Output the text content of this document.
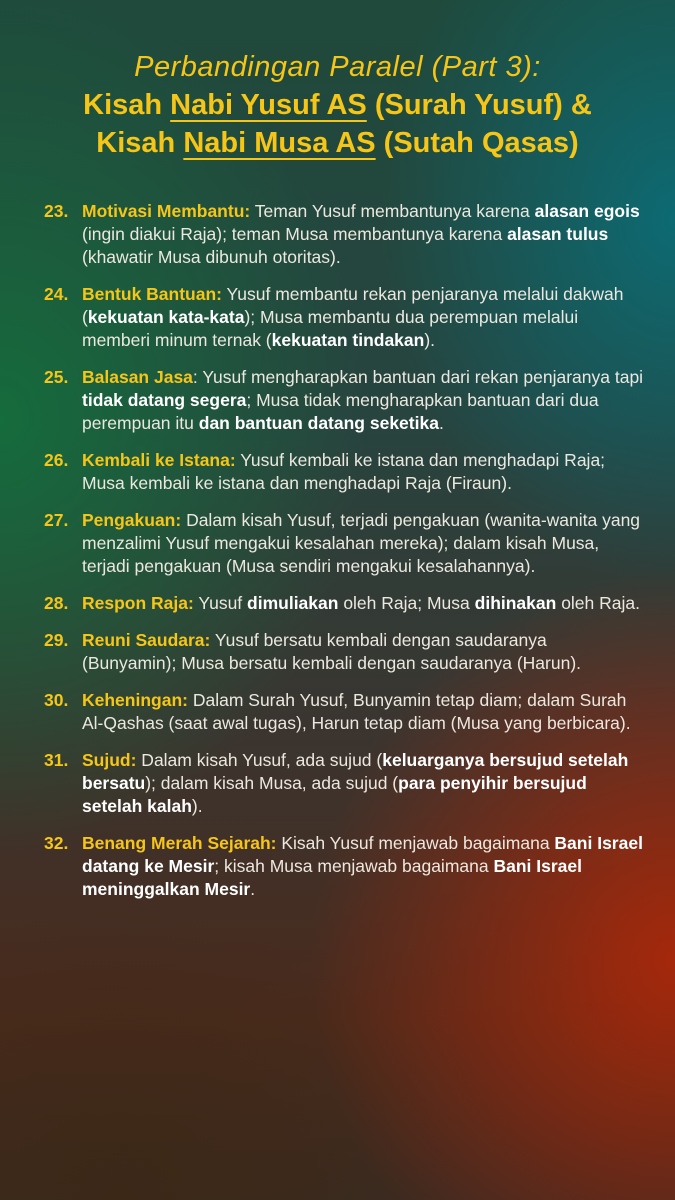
Perbandingan Paralel (Part 3):
Kisah Nabi Yusuf AS (Surah Yusuf) &
Kisah Nabi Musa AS (Sutah Qasas)
23. Motivasi Membantu: Teman Yusuf membantunya karena alasan egois (ingin diakui Raja); teman Musa membantunya karena alasan tulus (khawatir Musa dibunuh otoritas).
24. Bentuk Bantuan: Yusuf membantu rekan penjaranya melalui dakwah (kekuatan kata-kata); Musa membantu dua perempuan melalui memberi minum ternak (kekuatan tindakan).
25. Balasan Jasa: Yusuf mengharapkan bantuan dari rekan penjaranya tapi tidak datang segera; Musa tidak mengharapkan bantuan dari dua perempuan itu dan bantuan datang seketika.
26. Kembali ke Istana: Yusuf kembali ke istana dan menghadapi Raja; Musa kembali ke istana dan menghadapi Raja (Firaun).
27. Pengakuan: Dalam kisah Yusuf, terjadi pengakuan (wanita-wanita yang menzalimi Yusuf mengakui kesalahan mereka); dalam kisah Musa, terjadi pengakuan (Musa sendiri mengakui kesalahannya).
28. Respon Raja: Yusuf dimuliakan oleh Raja; Musa dihinakan oleh Raja.
29. Reuni Saudara: Yusuf bersatu kembali dengan saudaranya (Bunyamin); Musa bersatu kembali dengan saudaranya (Harun).
30. Keheningan: Dalam Surah Yusuf, Bunyamin tetap diam; dalam Surah Al-Qashas (saat awal tugas), Harun tetap diam (Musa yang berbicara).
31. Sujud: Dalam kisah Yusuf, ada sujud (keluarganya bersujud setelah bersatu); dalam kisah Musa, ada sujud (para penyihir bersujud setelah kalah).
32. Benang Merah Sejarah: Kisah Yusuf menjawab bagaimana Bani Israel datang ke Mesir; kisah Musa menjawab bagaimana Bani Israel meninggalkan Mesir.
